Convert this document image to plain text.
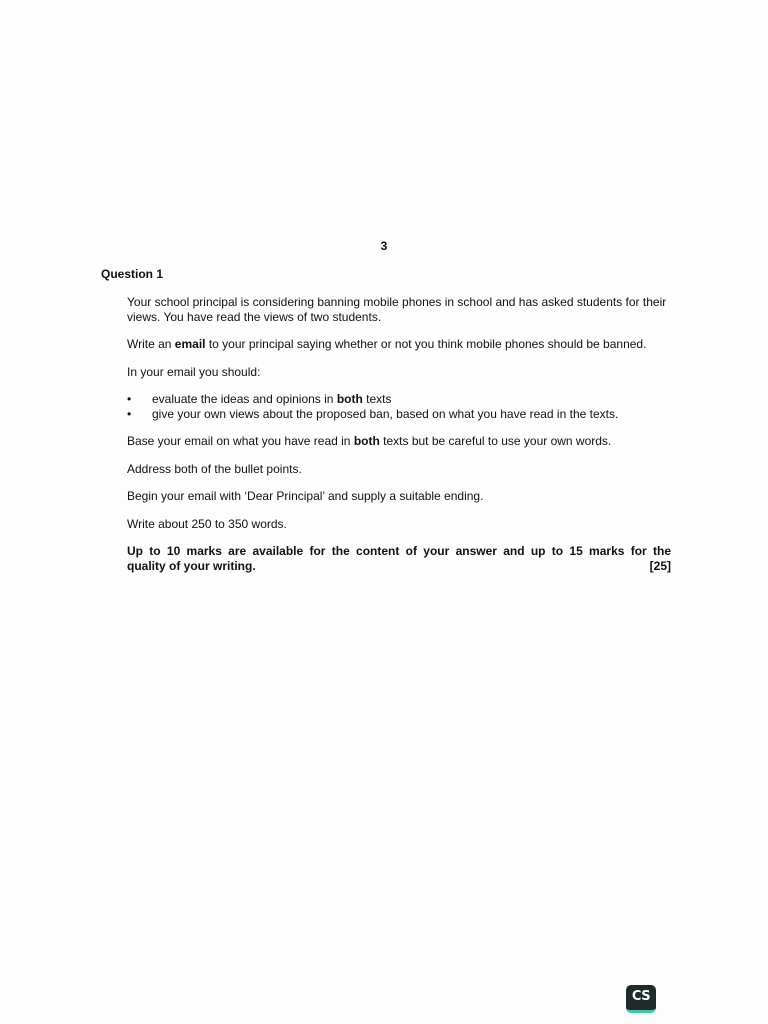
3
Question 1

Your school principal is considering banning mobile phones in school and has asked students for their views. You have read the views of two students.

Write an email to your principal saying whether or not you think mobile phones should be banned.

In your email you should:

• evaluate the ideas and opinions in both texts
• give your own views about the proposed ban, based on what you have read in the texts.

Base your email on what you have read in both texts but be careful to use your own words.

Address both of the bullet points.

Begin your email with ‘Dear Principal’ and supply a suitable ending.

Write about 250 to 350 words.

Up to 10 marks are available for the content of your answer and up to 15 marks for the
quality of your writing.	[25]
CS
